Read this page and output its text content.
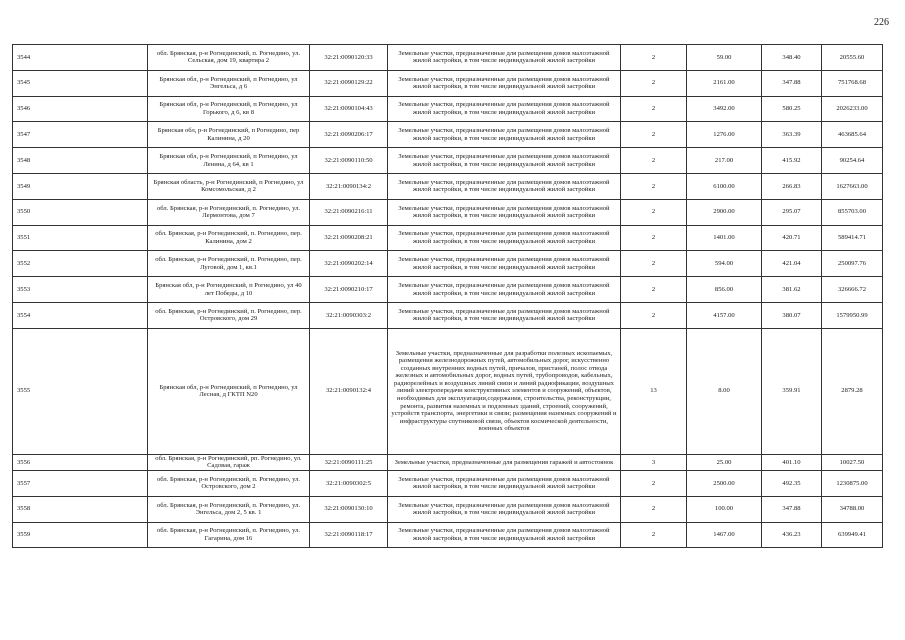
226
3544	обл. Брянская, р-н Рогнединский, п. Рогнедино, ул. Сельская, дом 19, квартира 2	32:21:0090120:33	Земельные участки, предназначенные для размещения домов малоэтажной жилой застройки, в том числе индивидуальной жилой застройки	2	59.00	348.40	20555.60
3545	Брянская обл, р-н Рогнединский, п Рогнедино, ул Энгельса, д 6	32:21:0090129:22	Земельные участки, предназначенные для размещения домов малоэтажной жилой застройки, в том числе индивидуальной жилой застройки	2	2161.00	347.88	751768.68
3546	Брянская обл, р-н Рогнединский, п Рогнедино, ул Горького, д 6, кв 8	32:21:0090104:43	Земельные участки, предназначенные для размещения домов малоэтажной жилой застройки, в том числе индивидуальной жилой застройки	2	3492.00	580.25	2026233.00
3547	Брянская обл, р-н Рогнединский, п Рогнедино, пер Калинина, д 20	32:21:0090206:17	Земельные участки, предназначенные для размещения домов малоэтажной жилой застройки, в том числе индивидуальной жилой застройки	2	1276.00	363.39	463685.64
3548	Брянская обл, р-н Рогнединский, п Рогнедино, ул Ленина, д 64, кв 1	32:21:0090110:50	Земельные участки, предназначенные для размещения домов малоэтажной жилой застройки, в том числе индивидуальной жилой застройки	2	217.00	415.92	90254.64
3549	Брянская область, р-н Рогнединский, п Рогнедино, ул Комсомольская, д 2	32:21:0090134:2	Земельные участки, предназначенные для размещения домов малоэтажной жилой застройки, в том числе индивидуальной жилой застройки	2	6100.00	266.83	1627663.00
3550	обл. Брянская, р-н Рогнединский, п. Рогнедино, ул. Лермонтова, дом 7	32:21:0090216:11	Земельные участки, предназначенные для размещения домов малоэтажной жилой застройки, в том числе индивидуальной жилой застройки	2	2900.00	295.07	855703.00
3551	обл. Брянская, р-н Рогнединский, п. Рогнедино, пер. Калинина, дом 2	32:21:0090208:21	Земельные участки, предназначенные для размещения домов малоэтажной жилой застройки, в том числе индивидуальной жилой застройки	2	1401.00	420.71	589414.71
3552	обл. Брянская, р-н Рогнединский, п. Рогнедино, пер. Луговой, дом 1, кв.1	32:21:0090202:14	Земельные участки, предназначенные для размещения домов малоэтажной жилой застройки, в том числе индивидуальной жилой застройки	2	594.00	421.04	250097.76
3553	Брянская обл, р-н Рогнединский, п Рогнедино, ул 40 лет Победы, д 10	32:21:0090210:17	Земельные участки, предназначенные для размещения домов малоэтажной жилой застройки, в том числе индивидуальной жилой застройки	2	856.00	381.62	326666.72
3554	обл. Брянская, р-н Рогнединский, п. Рогнедино, пер. Островского, дом 29	32:21:0090303:2	Земельные участки, предназначенные для размещения домов малоэтажной жилой застройки, в том числе индивидуальной жилой застройки	2	4157.00	380.07	1579950.99
3555	Брянская обл, р-н Рогнединский, п Рогнедино, ул Лесная, д ГКТП N20	32:21:0090132:4	Земельные участки, предназначенные для разработки полезных ископаемых, размещения железнодорожных путей, автомобильных дорог, искусственно созданных внутренних водных путей, причалов, пристаней, полос отвода железных и автомобильных дорог, водных путей, трубопроводов, кабельных, радиорелейных и воздушных линий связи и линий радиофикации, воздушных линий электропередачи конструктивных элементов и сооружений, объектов, необходимых для эксплуатации,содержания, строительства, реконструкции, ремонта, развития наземных и подземных зданий, строений, сооружений, устройств транспорта, энергетики и связи; размещения наземных сооружений и инфраструктуры спутниковой связи, объектов космической деятельности, военных объектов	13	8.00	359.91	2879.28
3556	обл. Брянская, р-н Рогнединский, рп. Рогнедино, ул. Садовая, гараж	32:21:0090111:25	Земельные участки, предназначенные для размещения гаражей и автостоянок	3	25.00	401.10	10027.50
3557	обл. Брянская, р-н Рогнединский, п. Рогнедино, ул. Островского, дом 2	32:21:0090302:5	Земельные участки, предназначенные для размещения домов малоэтажной жилой застройки, в том числе индивидуальной жилой застройки	2	2500.00	492.35	1230875.00
3558	обл. Брянская, р-н Рогнединский, п. Рогнедино, ул. Энгельса, дом 2, 5 кв. 1	32:21:0090130:10	Земельные участки, предназначенные для размещения домов малоэтажной жилой застройки, в том числе индивидуальной жилой застройки	2	100.00	347.88	34788.00
3559	обл. Брянская, р-н Рогнединский, п. Рогнедино, ул. Гагарина, дом 16	32:21:0090118:17	Земельные участки, предназначенные для размещения домов малоэтажной жилой застройки, в том числе индивидуальной жилой застройки	2	1467.00	436.23	639949.41
